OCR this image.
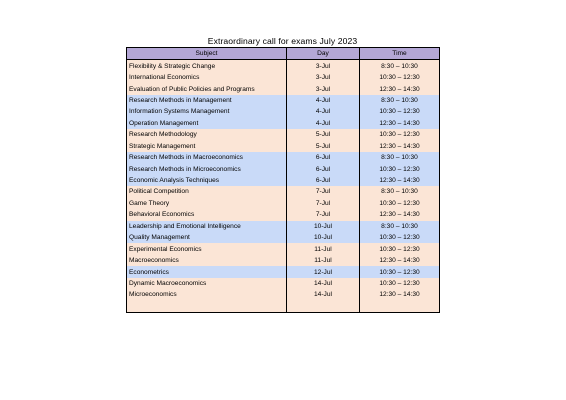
Extraordinary call for exams July 2023
Subject	Day	Time
Flexibility & Strategic Change	3-Jul	8:30 – 10:30
International Economics	3-Jul	10:30 – 12:30
Evaluation of Public Policies and Programs	3-Jul	12:30 – 14:30
Research Methods in Management	4-Jul	8:30 – 10:30
Information Systems Management	4-Jul	10:30 – 12:30
Operation Management	4-Jul	12:30 – 14:30
Research Methodology	5-Jul	10:30 – 12:30
Strategic Management	5-Jul	12:30 – 14:30
Research Methods in Macroeconomics	6-Jul	8:30 – 10:30
Research Methods in Microeconomics	6-Jul	10:30 – 12:30
Economic Analysis Techniques	6-Jul	12:30 – 14:30
Political Competition	7-Jul	8:30 – 10:30
Game Theory	7-Jul	10:30 – 12:30
Behavioral Economics	7-Jul	12:30 – 14:30
Leadership and Emotional Intelligence	10-Jul	8:30 – 10:30
Quality Management	10-Jul	10:30 – 12:30
Experimental Economics	11-Jul	10:30 – 12:30
Macroeconomics	11-Jul	12:30 – 14:30
Econometrics	12-Jul	10:30 – 12:30
Dynamic Macroeconomics	14-Jul	10:30 – 12:30
Microeconomics	14-Jul	12:30 – 14:30
